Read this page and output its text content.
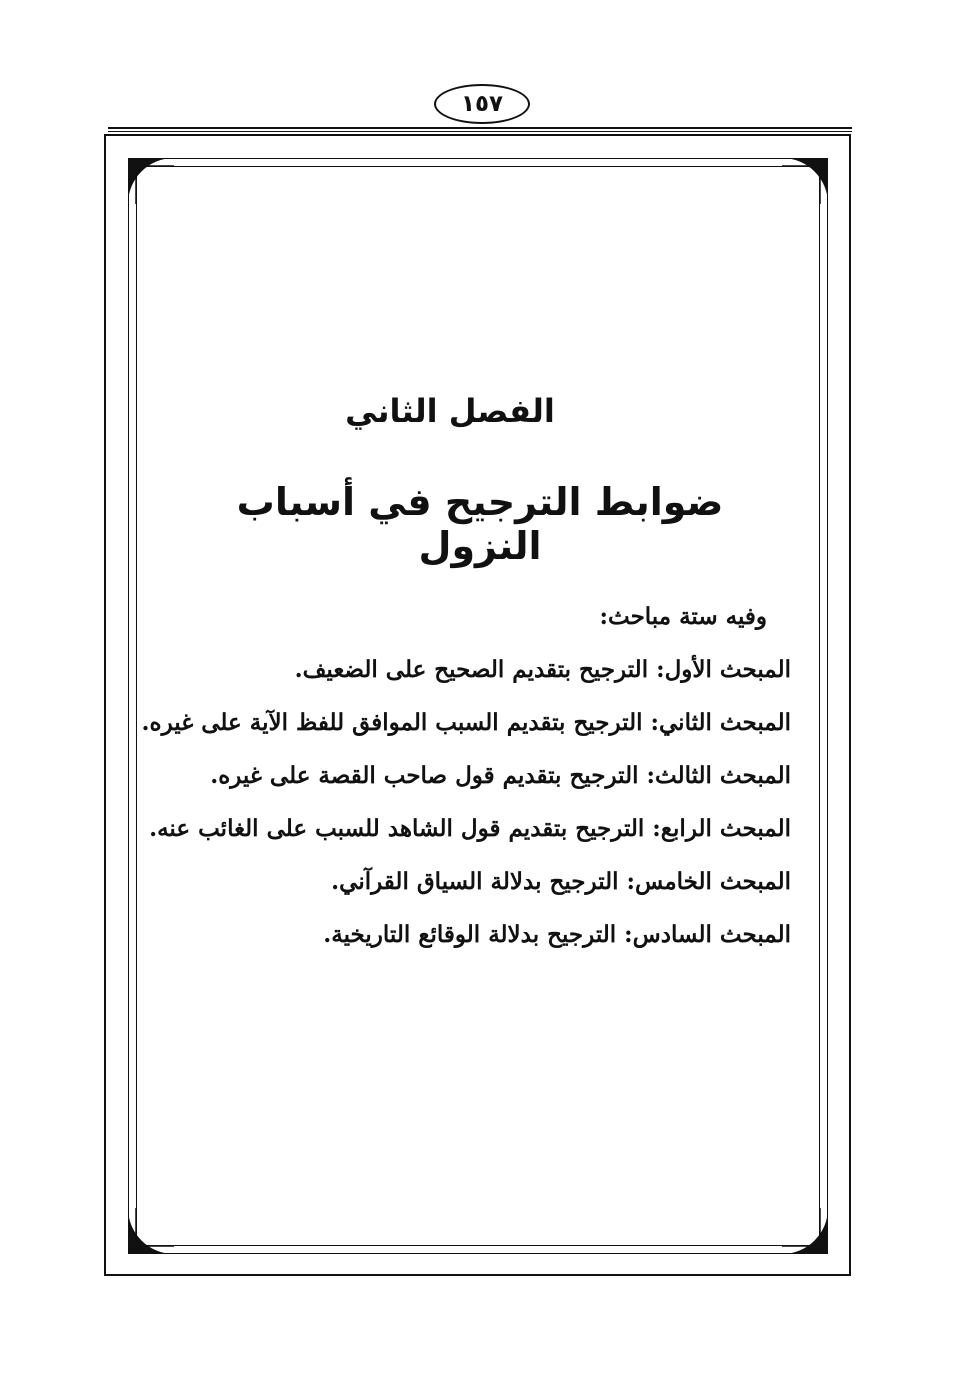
١٥٧
الفصل الثاني
ضوابط الترجيح في أسباب النزول
وفيه ستة مباحث:
المبحث الأول: الترجيح بتقديم الصحيح على الضعيف.
المبحث الثاني: الترجيح بتقديم السبب الموافق للفظ الآية على غيره.
المبحث الثالث: الترجيح بتقديم قول صاحب القصة على غيره.
المبحث الرابع: الترجيح بتقديم قول الشاهد للسبب على الغائب عنه.
المبحث الخامس: الترجيح بدلالة السياق القرآني.
المبحث السادس: الترجيح بدلالة الوقائع التاريخية.
